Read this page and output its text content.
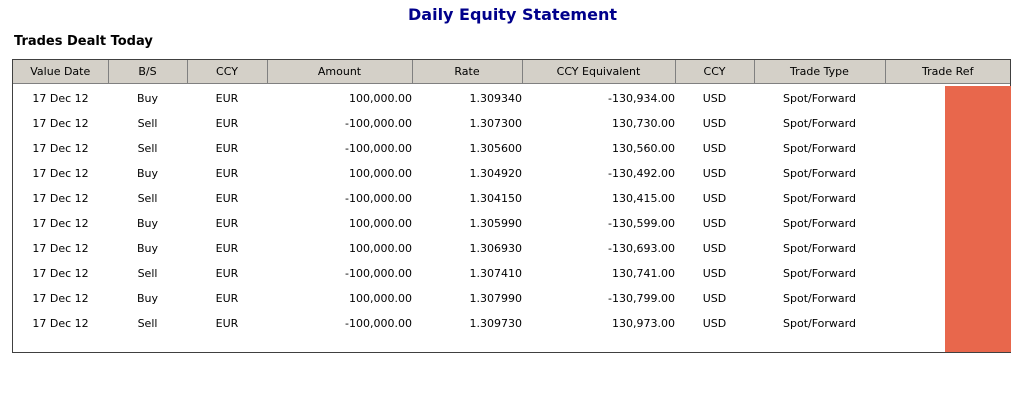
Daily Equity Statement
Trades Dealt Today
Value Date	B/S	CCY	Amount	Rate	CCY Equivalent	CCY	Trade Type	Trade Ref
17 Dec 12	Buy	EUR	100,000.00	1.309340	-130,934.00	USD	Spot/Forward	
17 Dec 12	Sell	EUR	-100,000.00	1.307300	130,730.00	USD	Spot/Forward	
17 Dec 12	Sell	EUR	-100,000.00	1.305600	130,560.00	USD	Spot/Forward	
17 Dec 12	Buy	EUR	100,000.00	1.304920	-130,492.00	USD	Spot/Forward	
17 Dec 12	Sell	EUR	-100,000.00	1.304150	130,415.00	USD	Spot/Forward	
17 Dec 12	Buy	EUR	100,000.00	1.305990	-130,599.00	USD	Spot/Forward	
17 Dec 12	Buy	EUR	100,000.00	1.306930	-130,693.00	USD	Spot/Forward	
17 Dec 12	Sell	EUR	-100,000.00	1.307410	130,741.00	USD	Spot/Forward	
17 Dec 12	Buy	EUR	100,000.00	1.307990	-130,799.00	USD	Spot/Forward	
17 Dec 12	Sell	EUR	-100,000.00	1.309730	130,973.00	USD	Spot/Forward	
